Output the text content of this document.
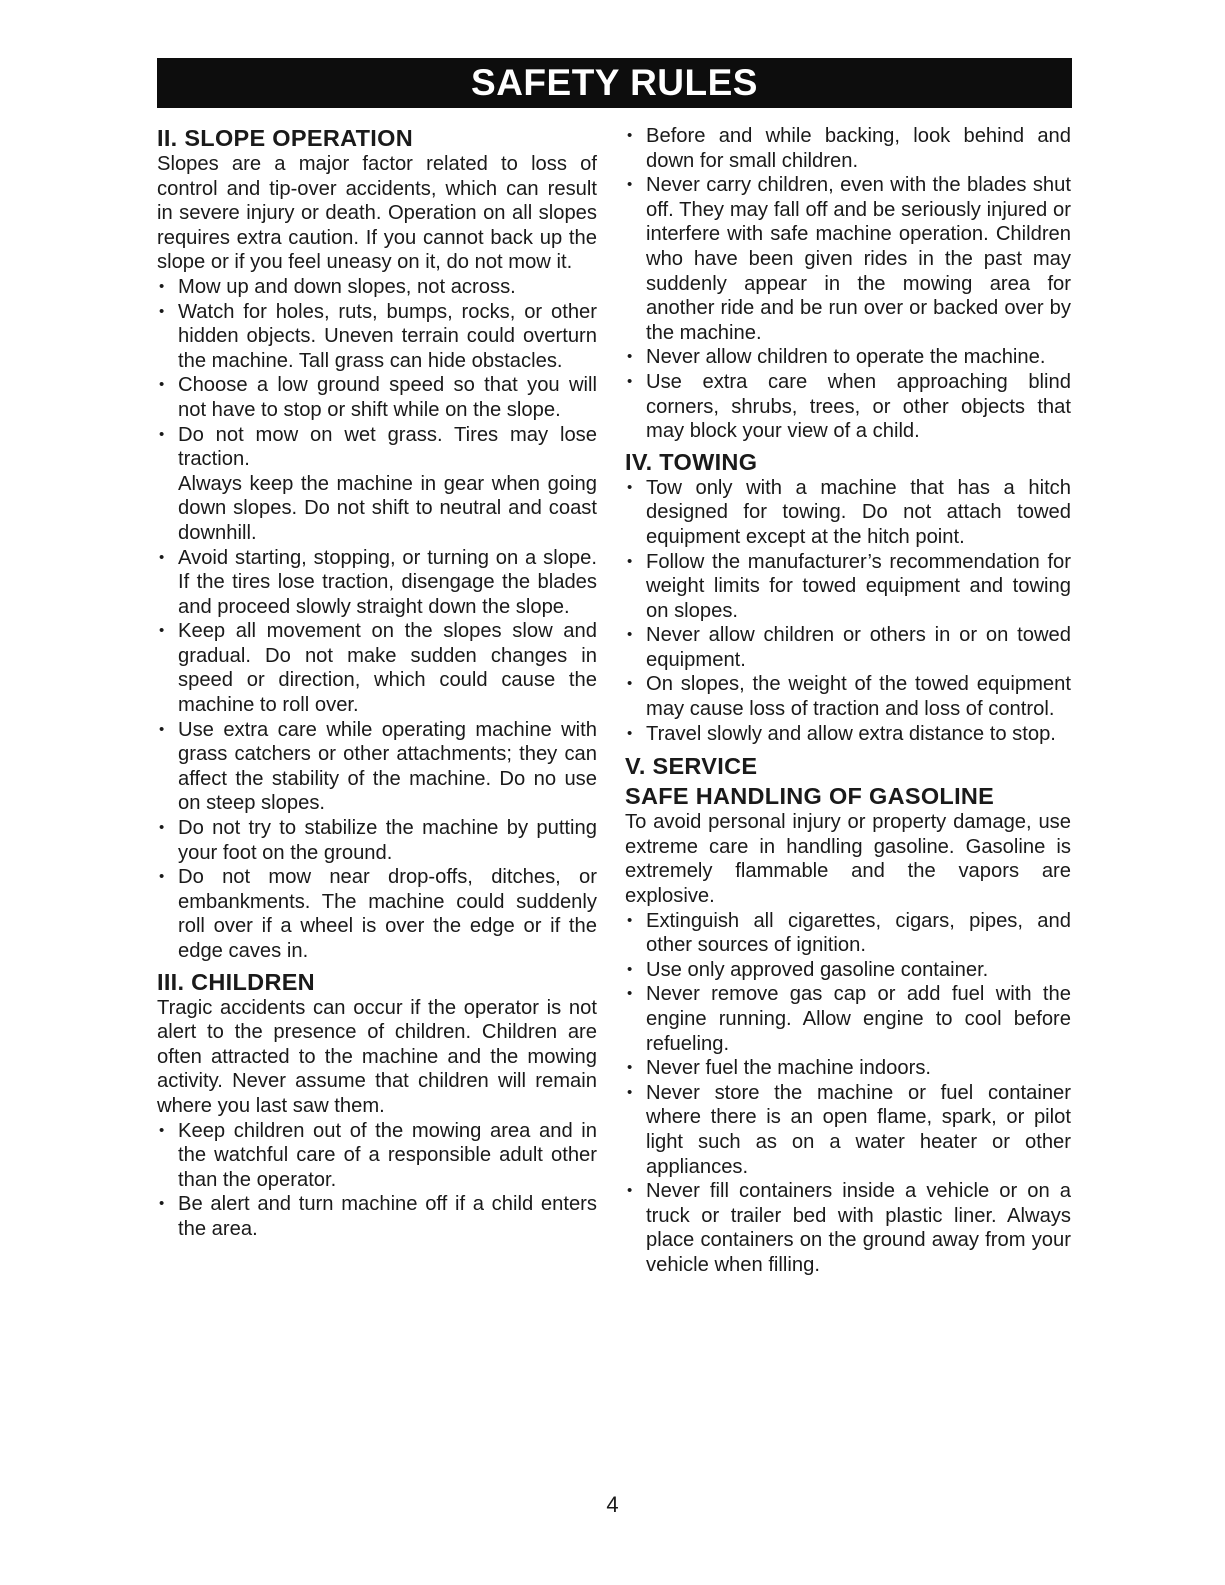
SAFETY RULES
II. SLOPE OPERATION

Slopes are a major factor related to loss of control and tip-over accidents, which can result in severe injury or death. Operation on all slopes requires extra caution. If you cannot back up the slope or if you feel uneasy on it, do not mow it.

• Mow up and down slopes, not across.
• Watch for holes, ruts, bumps, rocks, or other hidden objects. Uneven terrain could overturn the machine. Tall grass can hide obstacles.
• Choose a low ground speed so that you will not have to stop or shift while on the slope.
• Do not mow on wet grass. Tires may lose traction.

Always keep the machine in gear when going down slopes. Do not shift to neutral and coast downhill.

• Avoid starting, stopping, or turning on a slope. If the tires lose traction, disengage the blades and proceed slowly straight down the slope.
• Keep all movement on the slopes slow and gradual. Do not make sudden changes in speed or direction, which could cause the machine to roll over.
• Use extra care while operating machine with grass catchers or other attachments; they can affect the stability of the machine. Do no use on steep slopes.
• Do not try to stabilize the machine by putting your foot on the ground.
• Do not mow near drop-offs, ditches, or embankments. The machine could suddenly roll over if a wheel is over the edge or if the edge caves in.
III. CHILDREN

Tragic accidents can occur if the operator is not alert to the presence of children. Children are often attracted to the machine and the mowing activity. Never assume that children will remain where you last saw them.

• Keep children out of the mowing area and in the watchful care of a responsible adult other than the operator.
• Be alert and turn machine off if a child enters the area.
• Before and while backing, look behind and down for small children.
• Never carry children, even with the blades shut off. They may fall off and be seriously injured or interfere with safe machine operation. Children who have been given rides in the past may suddenly appear in the mowing area for another ride and be run over or backed over by the machine.
• Never allow children to operate the machine.
• Use extra care when approaching blind corners, shrubs, trees, or other objects that may block your view of a child.
IV. TOWING
• Tow only with a machine that has a hitch designed for towing. Do not attach towed equipment except at the hitch point.
• Follow the manufacturer’s recommendation for weight limits for towed equipment and towing on slopes.
• Never allow children or others in or on towed equipment.
• On slopes, the weight of the towed equipment may cause loss of traction and loss of control.
• Travel slowly and allow extra distance to stop.
V. SERVICE
SAFE HANDLING OF GASOLINE

To avoid personal injury or property damage, use extreme care in handling gasoline. Gasoline is extremely flammable and the vapors are explosive.

• Extinguish all cigarettes, cigars, pipes, and other sources of ignition.
• Use only approved gasoline container.
• Never remove gas cap or add fuel with the engine running. Allow engine to cool before refueling.
• Never fuel the machine indoors.
• Never store the machine or fuel container where there is an open flame, spark, or pilot light such as on a water heater or other appliances.
• Never fill containers inside a vehicle or on a truck or trailer bed with plastic liner. Always place containers on the ground away from your vehicle when filling.
4
